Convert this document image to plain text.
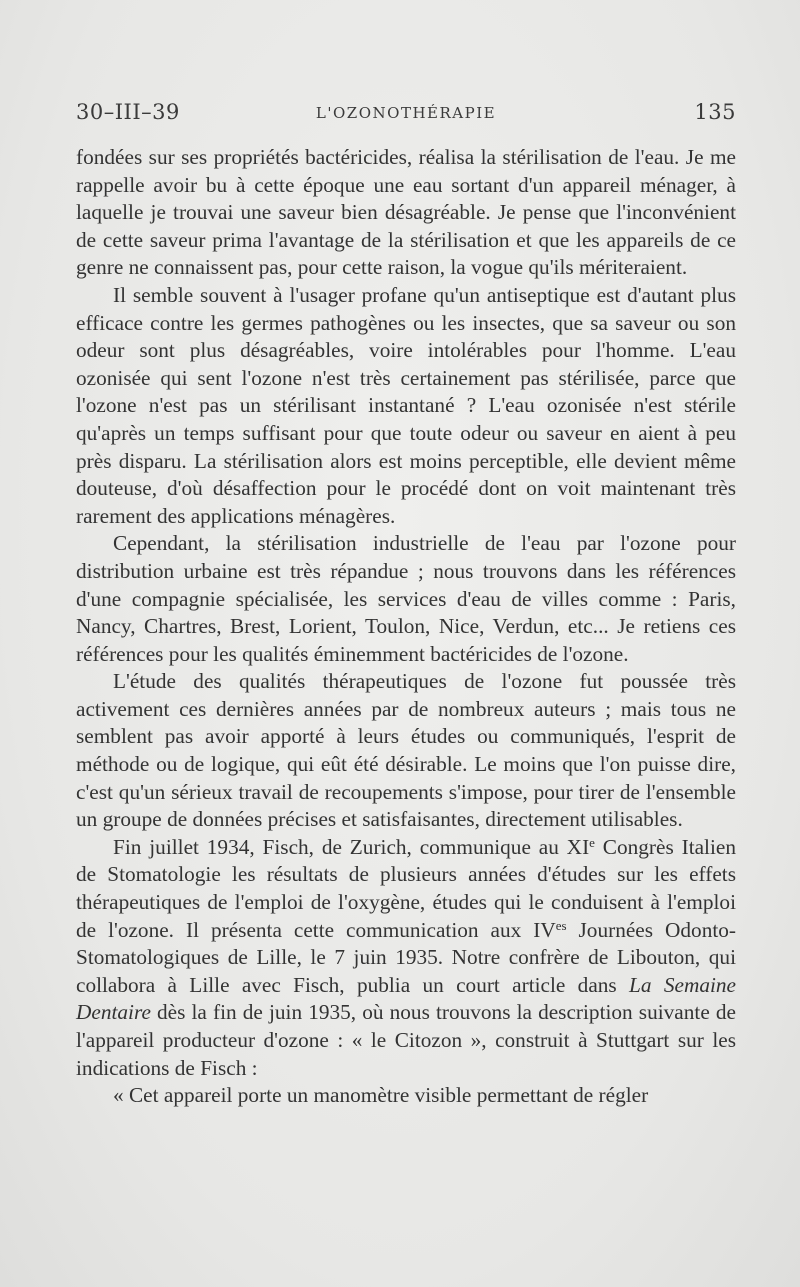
30–III–39	L'OZONOTHÉRAPIE	135

fondées sur ses propriétés bactéricides, réalisa la stérilisation de l'eau. Je me rappelle avoir bu à cette époque une eau sortant d'un appareil ménager, à laquelle je trouvai une saveur bien désagréable. Je pense que l'inconvénient de cette saveur prima l'avantage de la stérilisation et que les appareils de ce genre ne connaissent pas, pour cette raison, la vogue qu'ils mériteraient.

Il semble souvent à l'usager profane qu'un antiseptique est d'autant plus efficace contre les germes pathogènes ou les insectes, que sa saveur ou son odeur sont plus désagréables, voire intolérables pour l'homme. L'eau ozonisée qui sent l'ozone n'est très certainement pas stérilisée, parce que l'ozone n'est pas un stérilisant instantané ? L'eau ozonisée n'est stérile qu'après un temps suffisant pour que toute odeur ou saveur en aient à peu près disparu. La stérilisation alors est moins perceptible, elle devient même douteuse, d'où désaffection pour le procédé dont on voit maintenant très rarement des applications ménagères.

Cependant, la stérilisation industrielle de l'eau par l'ozone pour distribution urbaine est très répandue ; nous trouvons dans les références d'une compagnie spécialisée, les services d'eau de villes comme : Paris, Nancy, Chartres, Brest, Lorient, Toulon, Nice, Verdun, etc... Je retiens ces références pour les qualités éminemment bactéricides de l'ozone.

L'étude des qualités thérapeutiques de l'ozone fut poussée très activement ces dernières années par de nombreux auteurs ; mais tous ne semblent pas avoir apporté à leurs études ou communiqués, l'esprit de méthode ou de logique, qui eût été désirable. Le moins que l'on puisse dire, c'est qu'un sérieux travail de recoupements s'impose, pour tirer de l'ensemble un groupe de données précises et satisfaisantes, directement utilisables.

Fin juillet 1934, Fisch, de Zurich, communique au XIe Congrès Italien de Stomatologie les résultats de plusieurs années d'études sur les effets thérapeutiques de l'emploi de l'oxygène, études qui le conduisent à l'emploi de l'ozone. Il présenta cette communication aux $IV^{es}$ Journées Odonto-Stomatologiques de Lille, le 7 juin 1935. Notre confrère de Libouton, qui collabora à Lille avec Fisch, publia un court article dans La Semaine Dentaire dès la fin de juin 1935, où nous trouvons la description suivante de l'appareil producteur d'ozone : « le Citozon », construit à Stuttgart sur les indications de Fisch :

« Cet appareil porte un manomètre visible permettant de régler
